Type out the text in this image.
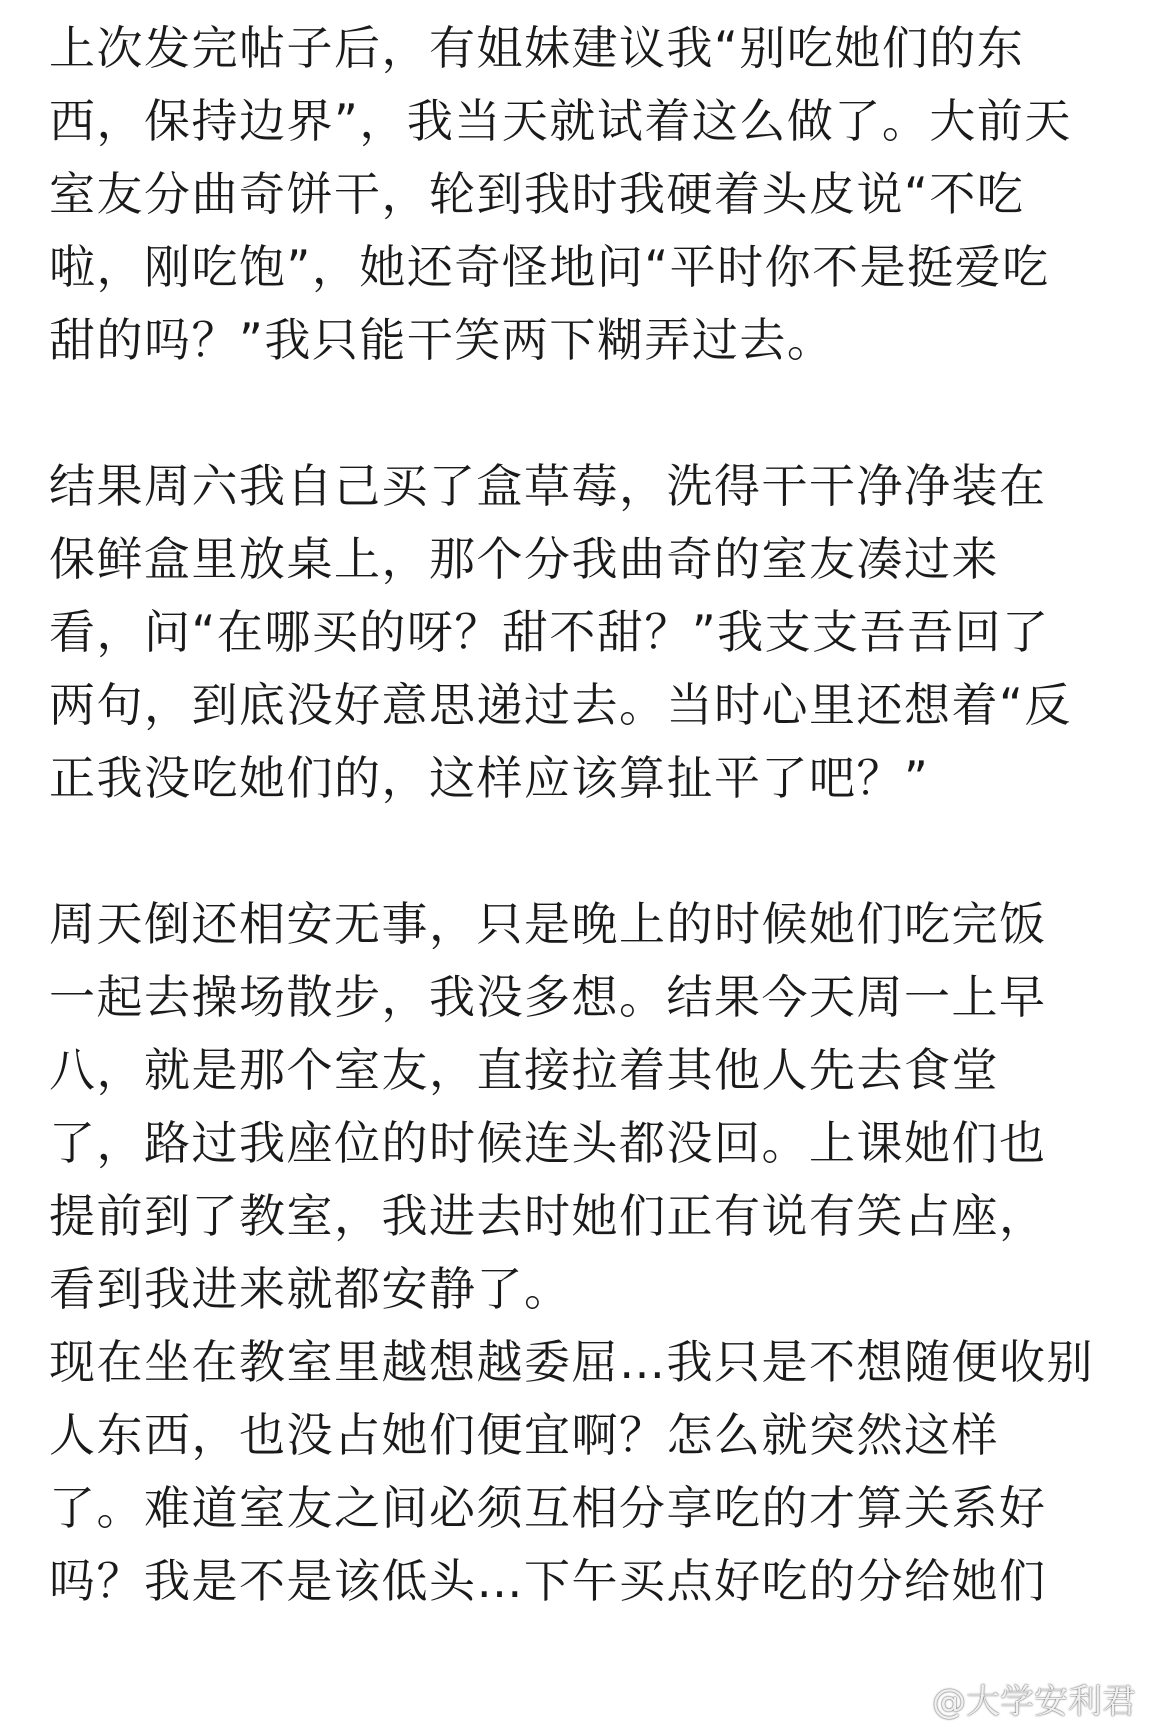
上次发完帖子后，有姐妹建议我“别吃她们的东
西，保持边界”，我当天就试着这么做了。大前天
室友分曲奇饼干，轮到我时我硬着头皮说“不吃
啦，刚吃饱”，她还奇怪地问“平时你不是挺爱吃
甜的吗？”我只能干笑两下糊弄过去。
结果周六我自己买了盒草莓，洗得干干净净装在
保鲜盒里放桌上，那个分我曲奇的室友凑过来
看，问“在哪买的呀？甜不甜？”我支支吾吾回了
两句，到底没好意思递过去。当时心里还想着“反
正我没吃她们的，这样应该算扯平了吧？”
周天倒还相安无事，只是晚上的时候她们吃完饭
一起去操场散步，我没多想。结果今天周一上早
八，就是那个室友，直接拉着其他人先去食堂
了，路过我座位的时候连头都没回。上课她们也
提前到了教室，我进去时她们正有说有笑占座，
看到我进来就都安静了。
现在坐在教室里越想越委屈…我只是不想随便收别
人东西，也没占她们便宜啊？怎么就突然这样
了。难道室友之间必须互相分享吃的才算关系好
吗？我是不是该低头…下午买点好吃的分给她们
@大学安利君
